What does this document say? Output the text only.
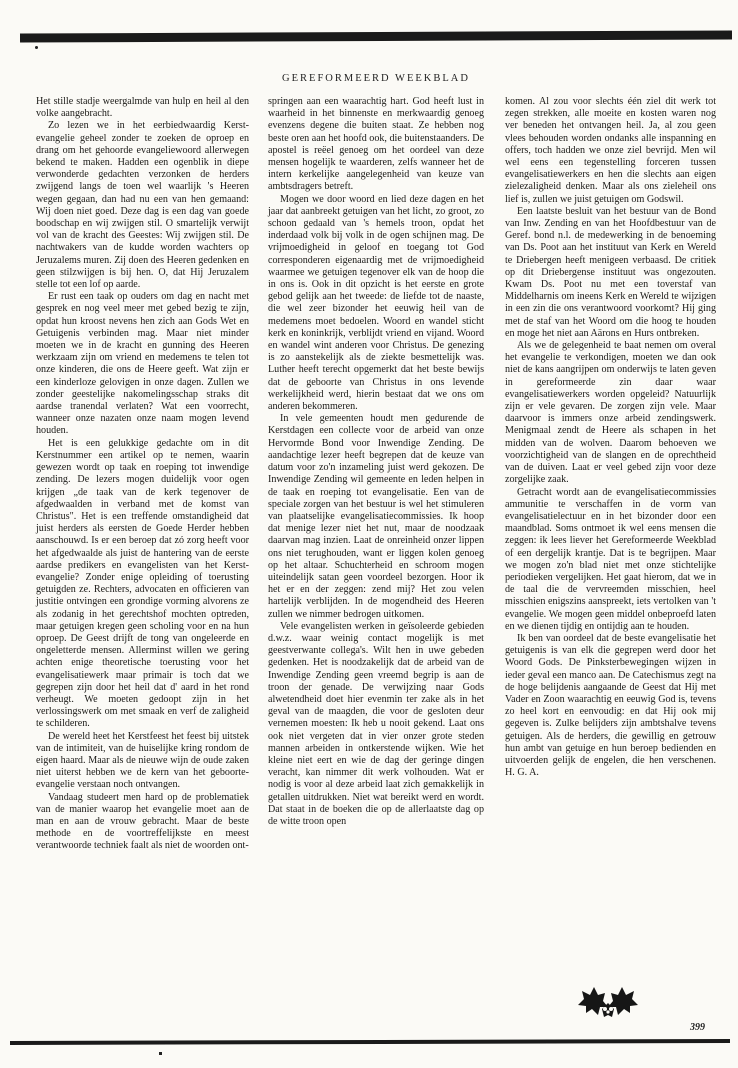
GEREFORMEERD WEEKBLAD

Het stille stadje weergalmde van hulp en heil al den volke aangebracht.

Zo lezen we in het eerbiedwaardig Kerst-evangelie geheel zonder te zoeken de oproep en drang om het gehoorde evangeliewoord allerwegen bekend te maken. Hadden een ogenblik in diepe verwonderde gedachten verzonken de herders zwijgend langs de toen wel waarlijk 's Heeren wegen gegaan, dan had nu een van hen gemaand: Wij doen niet goed. Deze dag is een dag van goede boodschap en wij zwijgen stil. O smartelijk verwijt vol van de kracht des Geestes: Wij zwijgen stil. De nachtwakers van de kudde worden wachters op Jeruzalems muren. Zij doen des Heeren gedenken en geen stilzwijgen is bij hen. O, dat Hij Jeruzalem stelle tot een lof op aarde.

Er rust een taak op ouders om dag en nacht met gesprek en nog veel meer met gebed bezig te zijn, opdat hun kroost nevens hen zich aan Gods Wet en Getuigenis verbinden mag. Maar niet minder moeten we in de kracht en gunning des Heeren werkzaam zijn om vriend en medemens te telen tot onze kinderen, die ons de Heere geeft. Wat zijn er een kinderloze gelovigen in onze dagen. Zullen we zonder geestelijke nakomelingsschap straks dit aardse tranendal verlaten? Wat een voorrecht, wanneer onze nazaten onze naam mogen levend houden.

Het is een gelukkige gedachte om in dit Kerstnummer een artikel op te nemen, waarin gewezen wordt op taak en roeping tot inwendige zending. De lezers mogen duidelijk voor ogen krijgen „de taak van de kerk tegenover de afgedwaalden in verband met de komst van Christus". Het is een treffende omstandigheid dat juist herders als eersten de Goede Herder hebben aanschouwd. Is er een beroep dat zó zorg heeft voor het afgedwaalde als juist de hantering van de eerste aardse predikers en evangelisten van het Kerst-evangelie? Zonder enige opleiding of toerusting getuigden ze. Rechters, advocaten en officieren van justitie ontvingen een grondige vorming alvorens ze als zodanig in het gerechtshof mochten optreden, maar getuigen kregen geen scholing voor en na hun oproep. De Geest drijft de tong van ongeleerde en ongeletterde mensen. Allerminst willen we gering achten enige theoretische toerusting voor het evangelisatiewerk maar primair is toch dat we gegrepen zijn door het heil dat d' aard in het rond verheugt. We moeten gedoopt zijn in het verlossingswerk om met smaak en verf de zaligheid te schilderen.

De wereld heet het Kerstfeest het feest bij uitstek van de intimiteit, van de huiselijke kring rondom de eigen haard. Maar als de nieuwe wijn de oude zaken niet uiterst hebben we de kern van het geboorte-evangelie verstaan noch ontvangen.

Vandaag studeert men hard op de problematiek van de manier waarop het evangelie moet aan de man en aan de vrouw gebracht. Maar de beste methode en de voortreffelijkste en meest verantwoorde techniek faalt als niet de woorden ont-

springen aan een waarachtig hart. God heeft lust in waarheid in het binnenste en merkwaardig genoeg evenzens degene die buiten staat. Ze hebben nog beste oren aan het hoofd ook, die buitenstaanders. De apostel is reëel genoeg om het oordeel van deze mensen hogelijk te waarderen, zelfs wanneer het de intern kerkelijke aangelegenheid van keuze van ambtsdragers betreft.

Mogen we door woord en lied deze dagen en het jaar dat aanbreekt getuigen van het licht, zo groot, zo schoon gedaald van 's hemels troon, opdat het inderdaad volk bij volk in de ogen schijnen mag. De vrijmoedigheid in geloof en toegang tot God corresponderen eigenaardig met de vrijmoedigheid waarmee we getuigen tegenover elk van de hoop die in ons is. Ook in dit opzicht is het eerste en grote gebod gelijk aan het tweede: de liefde tot de naaste, die wel zeer bizonder het eeuwig heil van de medemens moet bedoelen. Woord en wandel sticht kerk en koninkrijk, verblijdt vriend en vijand. Woord en wandel wint anderen voor Christus. De genezing is zo aanstekelijk als de ziekte besmettelijk was. Luther heeft terecht opgemerkt dat het beste bewijs dat de geboorte van Christus in ons levende werkelijkheid werd, hierin bestaat dat we ons om anderen bekommeren.

In vele gemeenten houdt men gedurende de Kerstdagen een collecte voor de arbeid van onze Hervormde Bond voor Inwendige Zending. De aandachtige lezer heeft begrepen dat de keuze van datum voor zo'n inzameling juist werd gekozen. De Inwendige Zending wil gemeente en leden helpen in de taak en roeping tot evangelisatie. Een van de speciale zorgen van het bestuur is wel het stimuleren van plaatselijke evangelisatiecommissies. Ik hoop dat menige lezer niet het nut, maar de noodzaak daarvan mag inzien. Laat de onreinheid onzer lippen ons niet terughouden, want er liggen kolen genoeg op het altaar. Schuchterheid en schroom mogen uiteindelijk satan geen voordeel bezorgen. Hoor ik het er en der zeggen: zend mij? Het zou velen hartelijk verblijden. In de mogendheid des Heeren zullen we nimmer bedrogen uitkomen.

Vele evangelisten werken in geïsoleerde gebieden d.w.z. waar weinig contact mogelijk is met geestverwante collega's. Wilt hen in uwe gebeden gedenken. Het is noodzakelijk dat de arbeid van de Inwendige Zending geen vreemd begrip is aan de troon der genade. De verwijzing naar Gods alwetendheid doet hier evenmin ter zake als in het geval van de maagden, die voor de gesloten deur vernemen moesten: Ik heb u nooit gekend. Laat ons ook niet vergeten dat in vier onzer grote steden mannen arbeiden in ontkerstende wijken. Wie het kleine niet eert en wie de dag der geringe dingen veracht, kan nimmer dit werk volhouden. Wat er nodig is voor al deze arbeid laat zich gemakkelijk in getallen uitdrukken. Niet wat bereikt werd en wordt. Dat staat in de boeken die op de allerlaatste dag op de witte troon open

komen. Al zou voor slechts één ziel dit werk tot zegen strekken, alle moeite en kosten waren nog ver beneden het ontvangen heil. Ja, al zou geen vlees behouden worden ondanks alle inspanning en offers, toch hadden we onze ziel bevrijd. Men wil wel eens een tegenstelling forceren tussen evangelisatiewerkers en hen die slechts aan eigen zielezaligheid denken. Maar als ons zieleheil ons lief is, zullen we juist getuigen om Godswil.

Een laatste besluit van het bestuur van de Bond van Inw. Zending en van het Hoofdbestuur van de Geref. bond n.l. de medewerking in de benoeming van Ds. Poot aan het instituut van Kerk en Wereld te Driebergen heeft menigeen verbaasd. De critiek op dit Driebergense instituut was ongezouten. Kwam Ds. Poot nu met een toverstaf van Middelharnis om ineens Kerk en Wereld te wijzigen in een zin die ons verantwoord voorkomt? Hij ging met de staf van het Woord om die hoog te houden en moge het niet aan Aärons en Hurs ontbreken.

Als we de gelegenheid te baat nemen om overal het evangelie te verkondigen, moeten we dan ook niet de kans aangrijpen om onderwijs te laten geven in gereformeerde zin daar waar evangelisatiewerkers worden opgeleid? Natuurlijk zijn er vele gevaren. De zorgen zijn vele. Maar daarvoor is immers onze arbeid zendingswerk. Menigmaal zendt de Heere als schapen in het midden van de wolven. Daarom behoeven we voorzichtigheid van de slangen en de oprechtheid van de duiven. Laat er veel gebed zijn voor deze zorgelijke zaak.

Getracht wordt aan de evangelisatiecommissies ammunitie te verschaffen in de vorm van evangelisatielectuur en in het bizonder door een maandblad. Soms ontmoet ik wel eens mensen die zeggen: ik lees liever het Gereformeerde Weekblad of een dergelijk krantje. Dat is te begrijpen. Maar we mogen zo'n blad niet met onze stichtelijke periodieken vergelijken. Het gaat hierom, dat we in de taal die de vervreemden misschien, heel misschien enigszins aanspreekt, iets vertolken van 't evangelie. We mogen geen middel onbeproefd laten en we dienen tijdig en ontijdig aan te houden.

Ik ben van oordeel dat de beste evangelisatie het getuigenis is van elk die gegrepen werd door het Woord Gods. De Pinksterbewegingen wijzen in ieder geval een manco aan. De Catechismus zegt na de hoge belijdenis aangaande de Geest dat Hij met Vader en Zoon waarachtig en eeuwig God is, tevens zo heel kort en eenvoudig: en dat Hij ook mij gegeven is. Zulke belijders zijn ambtshalve tevens getuigen. Als de herders, die gewillig en getrouw hun ambt van getuige en hun beroep bedienden en uitvoerden gelijk de engelen, die hen verschenen. H. G. A.

399
